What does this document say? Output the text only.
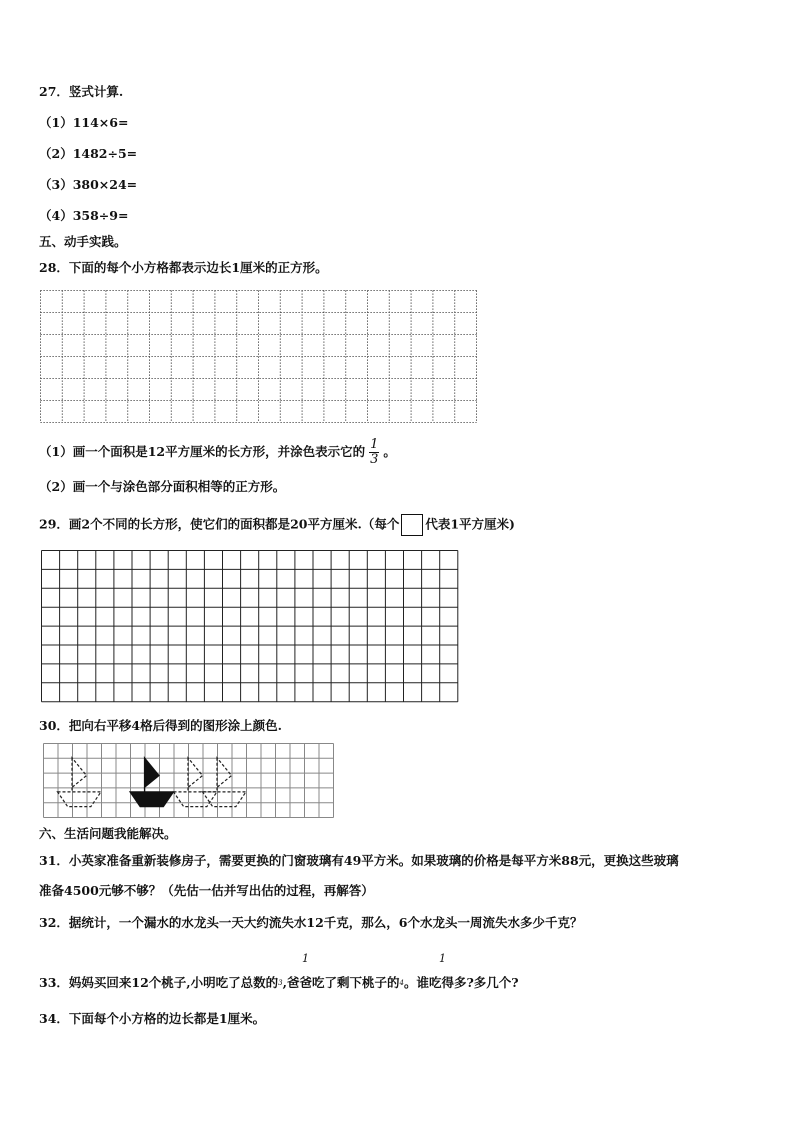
27．竖式计算.
（1）114×6=
（2）1482÷5=
（3）380×24=
（4）358÷9=
五、动手实践。
28．下面的每个小方格都表示边长1厘米的正方形。
（1）画一个面积是12平方厘米的长方形，并涂色表示它的 $\frac{1}{3}$ 。
（2）画一个与涂色部分面积相等的正方形。
29．画2个不同的长方形，使它们的面积都是20平方厘米.（每个 代表1平方厘米)
30．把向右平移4格后得到的图形涂上颜色.
六、生活问题我能解决。
31．小英家准备重新装修房子，需要更换的门窗玻璃有49平方米。如果玻璃的价格是每平方米88元，更换这些玻璃
准备4500元够不够？（先估一估并写出估的过程，再解答）
32．据统计，一个漏水的水龙头一天大约流失水12千克，那么，6个水龙头一周流失水多少千克？
1	1
33．妈妈买回来12个桃子,小明吃了总数的3,爸爸吃了剩下桃子的4。谁吃得多?多几个?
34．下面每个小方格的边长都是1厘米。
